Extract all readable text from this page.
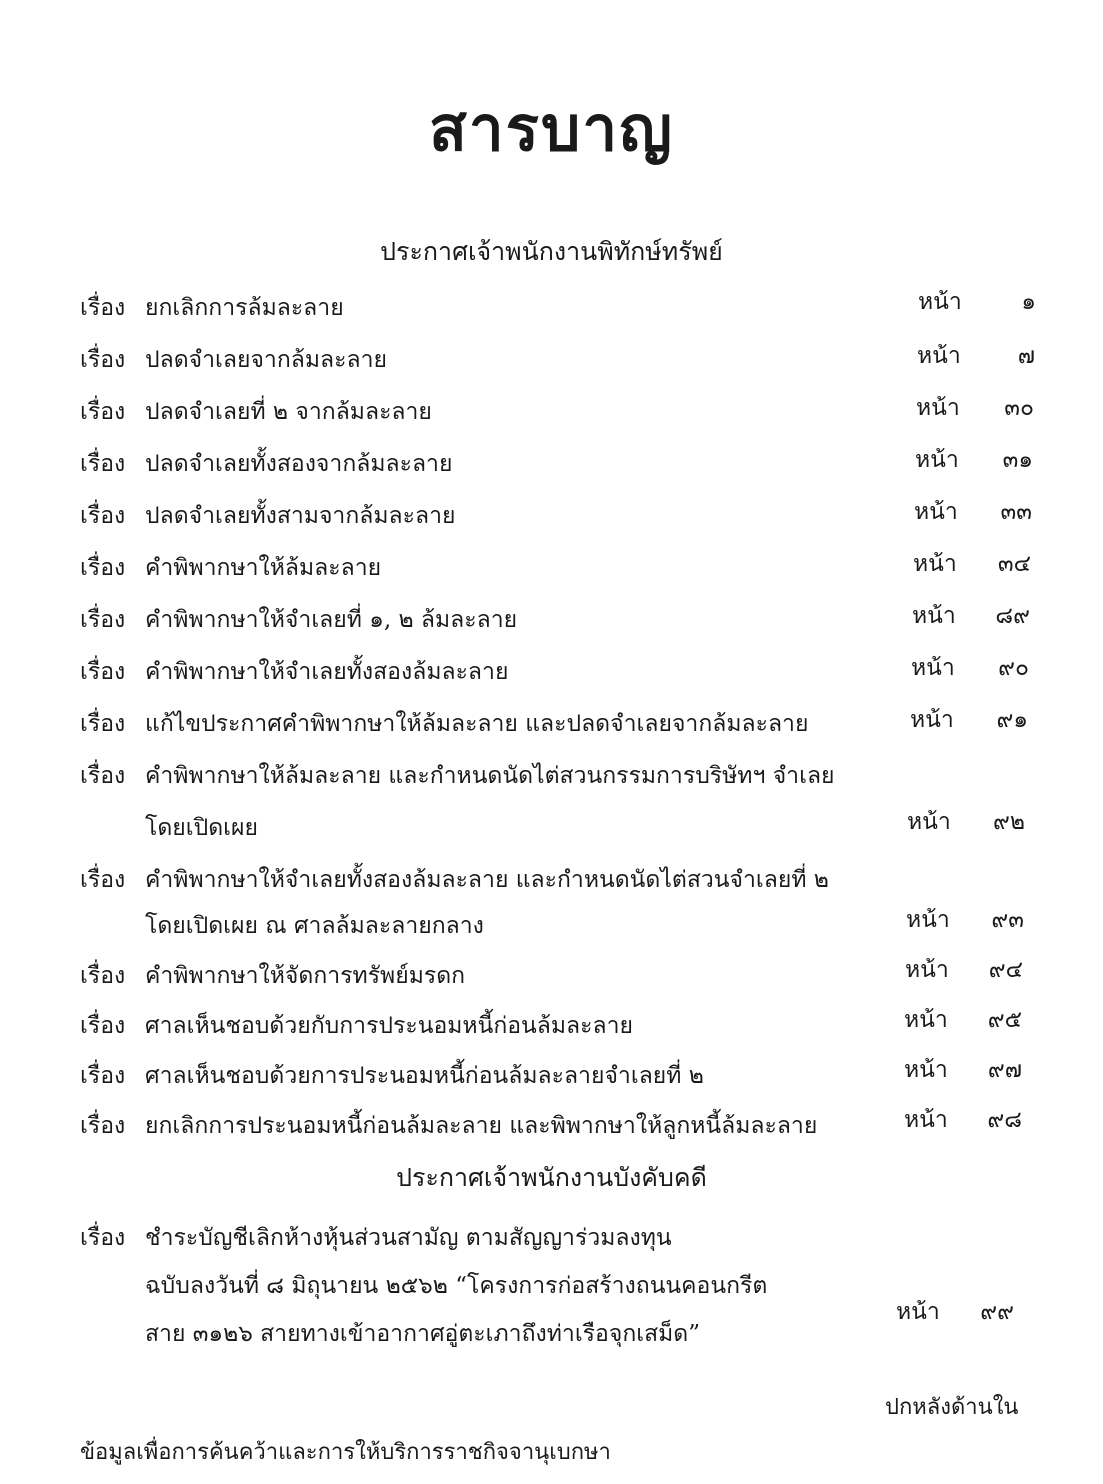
สารบาญ
ประกาศเจ้าพนักงานพิทักษ์ทรัพย์
เรื่อง ยกเลิกการล้มละลาย	หน้า	๑
เรื่อง ปลดจำเลยจากล้มละลาย	หน้า	๗
เรื่อง ปลดจำเลยที่ ๒ จากล้มละลาย	หน้า	๓๐
เรื่อง ปลดจำเลยทั้งสองจากล้มละลาย	หน้า	๓๑
เรื่อง ปลดจำเลยทั้งสามจากล้มละลาย	หน้า	๓๓
เรื่อง คำพิพากษาให้ล้มละลาย	หน้า	๓๔
เรื่อง คำพิพากษาให้จำเลยที่ ๑, ๒ ล้มละลาย	หน้า	๘๙
เรื่อง คำพิพากษาให้จำเลยทั้งสองล้มละลาย	หน้า	๙๐
เรื่อง แก้ไขประกาศคำพิพากษาให้ล้มละลาย และปลดจำเลยจากล้มละลาย	หน้า	๙๑
เรื่อง คำพิพากษาให้ล้มละลาย และกำหนดนัดไต่สวนกรรมการบริษัทฯ จำเลย
โดยเปิดเผย	หน้า	๙๒
เรื่อง คำพิพากษาให้จำเลยทั้งสองล้มละลาย และกำหนดนัดไต่สวนจำเลยที่ ๒
โดยเปิดเผย ณ ศาลล้มละลายกลาง	หน้า	๙๓
เรื่อง คำพิพากษาให้จัดการทรัพย์มรดก	หน้า	๙๔
เรื่อง ศาลเห็นชอบด้วยกับการประนอมหนี้ก่อนล้มละลาย	หน้า	๙๕
เรื่อง ศาลเห็นชอบด้วยการประนอมหนี้ก่อนล้มละลายจำเลยที่ ๒	หน้า	๙๗
เรื่อง ยกเลิกการประนอมหนี้ก่อนล้มละลาย และพิพากษาให้ลูกหนี้ล้มละลาย	หน้า	๙๘
ประกาศเจ้าพนักงานบังคับคดี
เรื่อง ชำระบัญชีเลิกห้างหุ้นส่วนสามัญ ตามสัญญาร่วมลงทุน
ฉบับลงวันที่ ๘ มิถุนายน ๒๕๖๒ “โครงการก่อสร้างถนนคอนกรีต
สาย ๓๑๒๖ สายทางเข้าอากาศอู่ตะเภาถึงท่าเรือจุกเสม็ด”
หน้า	๙๙
ปกหลังด้านใน
ข้อมูลเพื่อการค้นคว้าและการให้บริการราชกิจจานุเบกษา
